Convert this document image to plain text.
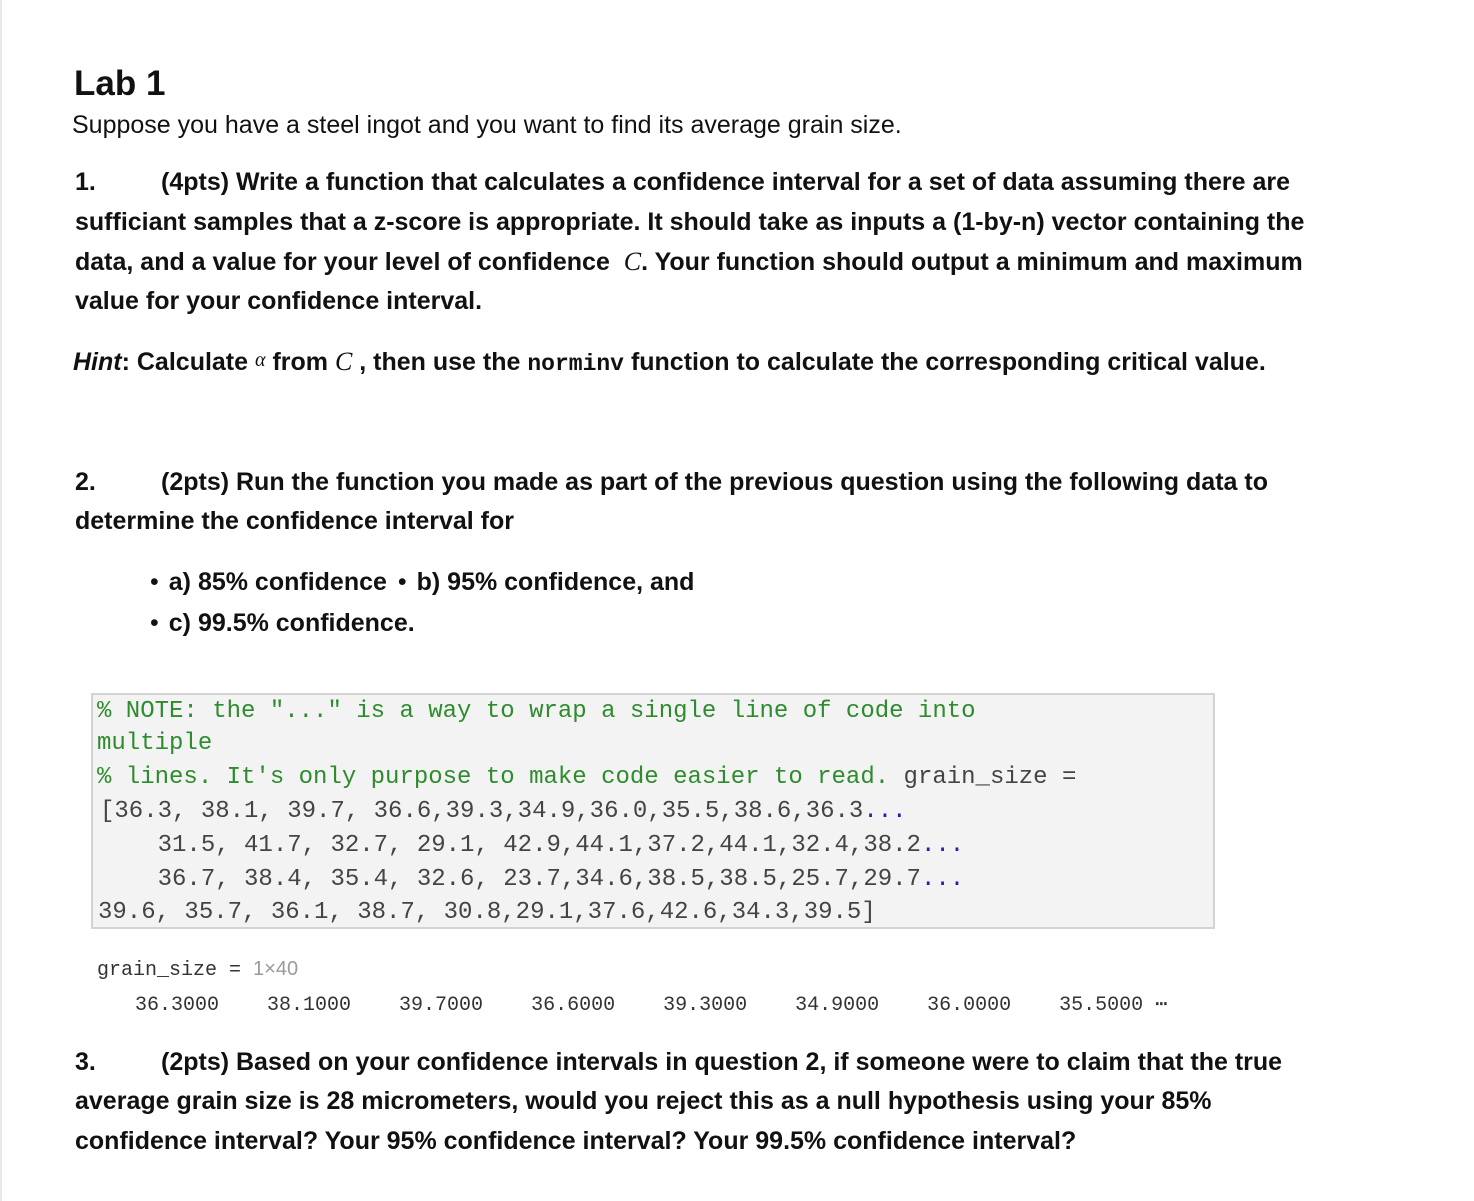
Lab 1
Suppose you have a steel ingot and you want to find its average grain size.
1.	(4pts) Write a function that calculates a confidence interval for a set of data assuming there are
sufficiant samples that a z-score is appropriate. It should take as inputs a (1-by-n) vector containing the
data, and a value for your level of confidence C. Your function should output a minimum and maximum
value for your confidence interval.
Hint: Calculate α from C , then use the norminv function to calculate the corresponding critical value.
2.	(2pts) Run the function you made as part of the previous question using the following data to
determine the confidence interval for
• a) 85% confidence • b) 95% confidence, and
• c) 99.5% confidence.
% NOTE: the "..." is a way to wrap a single line of code into
multiple
% lines. It's only purpose to make code easier to read. grain_size =
[36.3, 38.1, 39.7, 36.6,39.3,34.9,36.0,35.5,38.6,36.3...
31.5, 41.7, 32.7, 29.1, 42.9,44.1,37.2,44.1,32.4,38.2...
36.7, 38.4, 35.4, 32.6, 23.7,34.6,38.5,38.5,25.7,29.7...
39.6, 35.7, 36.1, 38.7, 30.8,29.1,37.6,42.6,34.3,39.5]
grain_size = 1×40
36.3000    38.1000    39.7000    36.6000    39.3000    34.9000    36.0000    35.5000 ⋯
3.	(2pts) Based on your confidence intervals in question 2, if someone were to claim that the true
average grain size is 28 micrometers, would you reject this as a null hypothesis using your 85%
confidence interval? Your 95% confidence interval? Your 99.5% confidence interval?
